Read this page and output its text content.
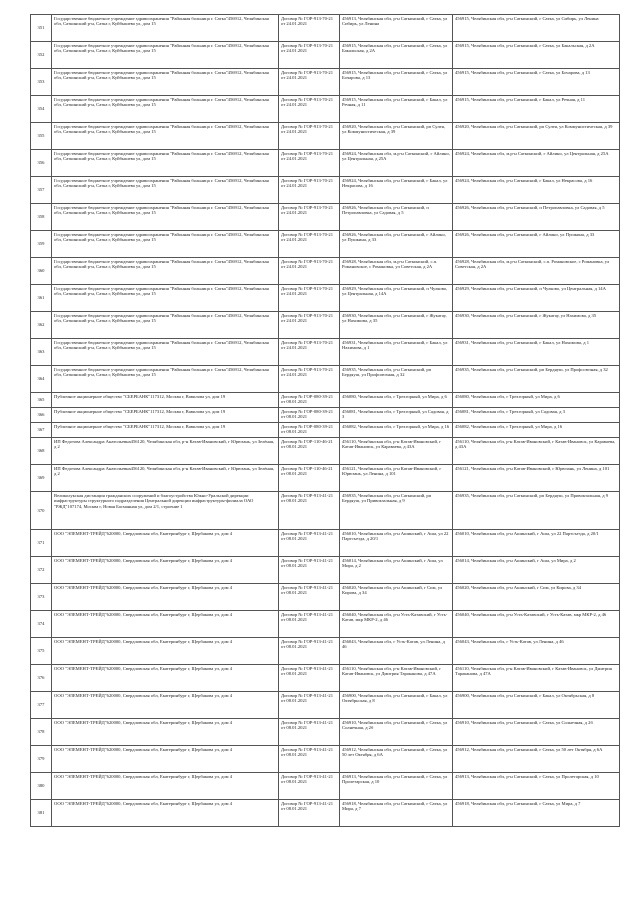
351	Государственное бюджетное учреждение здравоохранения "Районная больница г. Сатка"456912, Челябинская обл, Саткинский р-н, Сатка г, Куйбышева ул, дом 15	Договор № ГОР-913-70-21 от 24.01.2021	456913, Челябинская обл, р-н Саткинский, г Сатка, ул Сибирь, ул Ленина	456915, Челябинская обл, р-н Саткинский, г Сатка, ул Сибирь, ул Ленина
352	Государственное бюджетное учреждение здравоохранения "Районная больница г. Сатка"456912, Челябинская обл, Саткинский р-н, Сатка г, Куйбышева ул, дом 15	Договор № ГОР-913-70-21 от 24.01.2021	456915, Челябинская обл, р-н Саткинский, г Сатка, ул Бакальская, д 2А	456915, Челябинская обл, р-н Саткинский, г Сатка, ул Бакальская, д 2А
353	Государственное бюджетное учреждение здравоохранения "Районная больница г. Сатка"456912, Челябинская обл, Саткинский р-н, Сатка г, Куйбышева ул, дом 15	Договор № ГОР-913-70-21 от 24.01.2021	456915, Челябинская обл, р-н Саткинский, г Сатка, ул Бочарова, д 13	456915, Челябинская обл, р-н Саткинский, г Сатка, ул Бочарова, д 13
354	Государственное бюджетное учреждение здравоохранения "Районная больница г. Сатка"456912, Челябинская обл, Саткинский р-н, Сатка г, Куйбышева ул, дом 15	Договор № ГОР-913-70-21 от 24.01.2021	456915, Челябинская обл, р-н Саткинский, г Бакал, ул Речная, д 11	456915, Челябинская обл, р-н Саткинский, г Бакал, ул Речная, д 11
355	Государственное бюджетное учреждение здравоохранения "Районная больница г. Сатка"456912, Челябинская обл, Саткинский р-н, Сатка г, Куйбышева ул, дом 15	Договор № ГОР-913-70-21 от 24.01.2021	456920, Челябинская обл, р-н Саткинский, рп Сулея, ул Коммунистическая, д 39	456920, Челябинская обл, р-н Саткинский, рп Сулея, ул Коммунистическая, д 39
356	Государственное бюджетное учреждение здравоохранения "Районная больница г. Сатка"456912, Челябинская обл, Саткинский р-н, Сатка г, Куйбышева ул, дом 15	Договор № ГОР-913-70-21 от 24.01.2021	456924, Челябинская обл, м.р-н Саткинский, г Айлино, ул Центральная, д 25А	456924, Челябинская обл, м.р-н Саткинский, г Айлино, ул Центральная, д 25А
357	Государственное бюджетное учреждение здравоохранения "Районная больница г. Сатка"456912, Челябинская обл, Саткинский р-н, Сатка г, Куйбышева ул, дом 15	Договор № ГОР-913-70-21 от 24.01.2021	456924, Челябинская обл, р-н Саткинский, г Бакал, ул Некрасова, д 16	456924, Челябинская обл, р-н Саткинский, г Бакал, ул Некрасова, д 16
358	Государственное бюджетное учреждение здравоохранения "Районная больница г. Сатка"456912, Челябинская обл, Саткинский р-н, Сатка г, Куйбышева ул, дом 15	Договор № ГОР-913-70-21 от 24.01.2021	456926, Челябинская обл, р-н Саткинский, п Петропавловка, ул Садовая, д 5	456926, Челябинская обл, р-н Саткинский, п Петропавловка, ул Садовая, д 5
359	Государственное бюджетное учреждение здравоохранения "Районная больница г. Сатка"456912, Челябинская обл, Саткинский р-н, Сатка г, Куйбышева ул, дом 15	Договор № ГОР-913-70-21 от 24.01.2021	456926, Челябинская обл, р-н Саткинский, г Айлино, ул Пушкина, д 33	456926, Челябинская обл, р-н Саткинский, г Айлино, ул Пушкина, д 33
360	Государственное бюджетное учреждение здравоохранения "Районная больница г. Сатка"456912, Челябинская обл, Саткинский р-н, Сатка г, Куйбышева ул, дом 15	Договор № ГОР-913-70-21 от 24.01.2021	456928, Челябинская обл, м.р-н Саткинский, с.п. Романовское, с Романовка, ул Советская, д 2А	456928, Челябинская обл, м.р-н Саткинский, с.п. Романовское, с Романовка, ул Советская, д 2А
361	Государственное бюджетное учреждение здравоохранения "Районная больница г. Сатка"456912, Челябинская обл, Саткинский р-н, Сатка г, Куйбышева ул, дом 15	Договор № ГОР-913-70-21 от 24.01.2021	456929, Челябинская обл, р-н Саткинский, п Чулково, ул Центральная, д 14А	456929, Челябинская обл, р-н Саткинский, п Чулково, ул Центральная, д 14А
362	Государственное бюджетное учреждение здравоохранения "Районная больница г. Сатка"456912, Челябинская обл, Саткинский р-н, Сатка г, Куйбышева ул, дом 15	Договор № ГОР-913-70-21 от 24.01.2021	456930, Челябинская обл, р-н Саткинский, г Жукатау, ул Нахимова, д 35	456930, Челябинская обл, р-н Саткинский, г Жукатау, ул Нахимова, д 35
363	Государственное бюджетное учреждение здравоохранения "Районная больница г. Сатка"456912, Челябинская обл, Саткинский р-н, Сатка г, Куйбышева ул, дом 15	Договор № ГОР-913-70-21 от 24.01.2021	456931, Челябинская обл, р-н Саткинский, г Бакал, ул Нахимова, д 1	456931, Челябинская обл, р-н Саткинский, г Бакал, ул Нахимова, д 1
364	Государственное бюджетное учреждение здравоохранения "Районная больница г. Сатка"456912, Челябинская обл, Саткинский р-н, Сатка г, Куйбышева ул, дом 15	Договор № ГОР-913-70-21 от 24.01.2021	456935, Челябинская обл, р-н Саткинский, рп Бердяуш, ул Профсоюзная, д 32	456935, Челябинская обл, р-н Саткинский, рп Бердяуш, ул Профсоюзная, д 32
365	Публичное акционерное общество "СБЕРБАНК"117312, Москва г, Вавилова ул, дом 19	Договор № ГОР-080-39-21 от 08.01.2021	456080, Челябинская обл, г Трехгорный, ул Мира, д 6	456080, Челябинская обл, г Трехгорный, ул Мира, д 6
366	Публичное акционерное общество "СБЕРБАНК"117312, Москва г, Вавилова ул, дом 19	Договор № ГОР-080-39-21 от 08.01.2021	456081, Челябинская обл, г Трехгорный, ул Садовая, д 3	456081, Челябинская обл, г Трехгорный, ул Садовая, д 3
367	Публичное акционерное общество "СБЕРБАНК"117312, Москва г, Вавилова ул, дом 19	Договор № ГОР-080-39-21 от 08.01.2021	456082, Челябинская обл, г Трехгорный, ул Мира, д 16	456082, Челябинская обл, г Трехгорный, ул Мира, д 16
368	ИП Федотова Александра Анатольевна456120, Челябинская обл, р-н Катав-Ивановский, г Юрюзань, ул Зелёная, д 2	Договор № ГОР-110-46-21 от 08.01.2021	456110, Челябинская обл, р-н Катав-Ивановский, г Катав-Ивановск, ул Караваева, д 43А	456110, Челябинская обл, р-н Катав-Ивановский, г Катав-Ивановск, ул Караваева, д 43А
369	ИП Федотова Александра Анатольевна456120, Челябинская обл, р-н Катав-Ивановский, г Юрюзань, ул Зелёная, д 2	Договор № ГОР-110-46-21 от 08.01.2021	456121, Челябинская обл, р-н Катав-Ивановский, г Юрюзань, ул Ленина, д 101	456121, Челябинская обл, р-н Катав-Ивановский, г Юрюзань, ул Ленина, д 101
370	Великолукская дистанция гражданских сооружений и благоустройства Южно-Уральской дирекции инфраструктуры структурного подразделения Центральной дирекции инфраструктуры-филиала ОАО "РЖД"107174, Москва г, Новая Басманная ул, дом 2/1, строение 1	Договор № ГОР-913-41-21 от 08.01.2021	456935, Челябинская обл, р-н Саткинский, рп Бердяуш, ул Привокзальная, д 9	456935, Челябинская обл, р-н Саткинский, рп Бердяуш, ул Привокзальная, д 9
371	ООО "ЭЛЕМЕНТ-ТРЕЙД"620000, Свердловская обл, Екатеринбург г, Щербакова ул, дом 4	Договор № ГОР-913-41-21 от 08.01.2021	456010, Челябинская обл, р-н Ашинский, г Аша, ул 22 Партсъезда, д 20/1	456010, Челябинская обл, р-н Ашинский, г Аша, ул 22 Партсъезда, д 20/1
372	ООО "ЭЛЕМЕНТ-ТРЕЙД"620000, Свердловская обл, Екатеринбург г, Щербакова ул, дом 4	Договор № ГОР-913-41-21 от 08.01.2021	456014, Челябинская обл, р-н Ашинский, г Аша, ул Мира, д 2	456014, Челябинская обл, р-н Ашинский, г Аша, ул Мира, д 2
373	ООО "ЭЛЕМЕНТ-ТРЕЙД"620000, Свердловская обл, Екатеринбург г, Щербакова ул, дом 4	Договор № ГОР-913-41-21 от 08.01.2021	456020, Челябинская обл, р-н Ашинский, г Сим, ул Кирова, д 34	456020, Челябинская обл, р-н Ашинский, г Сим, ул Кирова, д 34
374	ООО "ЭЛЕМЕНТ-ТРЕЙД"620000, Свердловская обл, Екатеринбург г, Щербакова ул, дом 4	Договор № ГОР-913-41-21 от 08.01.2021	456040, Челябинская обл, р-н Усть-Катавский, г Усть-Катав, мкр МКР-2, д 46	456040, Челябинская обл, р-н Усть-Катавский, г Усть-Катав, мкр МКР-2, д 46
375	ООО "ЭЛЕМЕНТ-ТРЕЙД"620000, Свердловская обл, Екатеринбург г, Щербакова ул, дом 4	Договор № ГОР-913-41-21 от 08.01.2021	456043, Челябинская обл, г Усть-Катав, ул Ленина, д 46	456043, Челябинская обл, г Усть-Катав, ул Ленина, д 46
376	ООО "ЭЛЕМЕНТ-ТРЕЙД"620000, Свердловская обл, Екатеринбург г, Щербакова ул, дом 4	Договор № ГОР-913-41-21 от 08.01.2021	456110, Челябинская обл, р-н Катав-Ивановский, г Катав-Ивановск, ул Дмитрия Тараканова, д 47А	456110, Челябинская обл, р-н Катав-Ивановский, г Катав-Ивановск, ул Дмитрия Тараканова, д 47А
377	ООО "ЭЛЕМЕНТ-ТРЕЙД"620000, Свердловская обл, Екатеринбург г, Щербакова ул, дом 4	Договор № ГОР-913-41-21 от 08.01.2021	456900, Челябинская обл, р-н Саткинский, г Бакал, ул Октябрьская, д 8	456900, Челябинская обл, р-н Саткинский, г Бакал, ул Октябрьская, д 8
378	ООО "ЭЛЕМЕНТ-ТРЕЙД"620000, Свердловская обл, Екатеринбург г, Щербакова ул, дом 4	Договор № ГОР-913-41-21 от 08.01.2021	456910, Челябинская обл, р-н Саткинский, г Сатка, ул Солнечная, д 2б	456910, Челябинская обл, р-н Саткинский, г Сатка, ул Солнечная, д 2б
379	ООО "ЭЛЕМЕНТ-ТРЕЙД"620000, Свердловская обл, Екатеринбург г, Щербакова ул, дом 4	Договор № ГОР-913-41-21 от 08.01.2021	456912, Челябинская обл, р-н Саткинский, г Сатка, ул 50 лет Октября, д 6А	456912, Челябинская обл, р-н Саткинский, г Сатка, ул 50 лет Октября, д 6А
380	ООО "ЭЛЕМЕНТ-ТРЕЙД"620000, Свердловская обл, Екатеринбург г, Щербакова ул, дом 4	Договор № ГОР-913-41-21 от 08.01.2021	456913, Челябинская обл, р-н Саткинский, г Сатка, ул Пролетарская, д 10	456913, Челябинская обл, р-н Саткинский, г Сатка, ул Пролетарская, д 10
381	ООО "ЭЛЕМЕНТ-ТРЕЙД"620000, Свердловская обл, Екатеринбург г, Щербакова ул, дом 4	Договор № ГОР-913-41-21 от 08.01.2021	456918, Челябинская обл, р-н Саткинский, г Сатка, ул Мира, д 7	456918, Челябинская обл, р-н Саткинский, г Сатка, ул Мира, д 7
